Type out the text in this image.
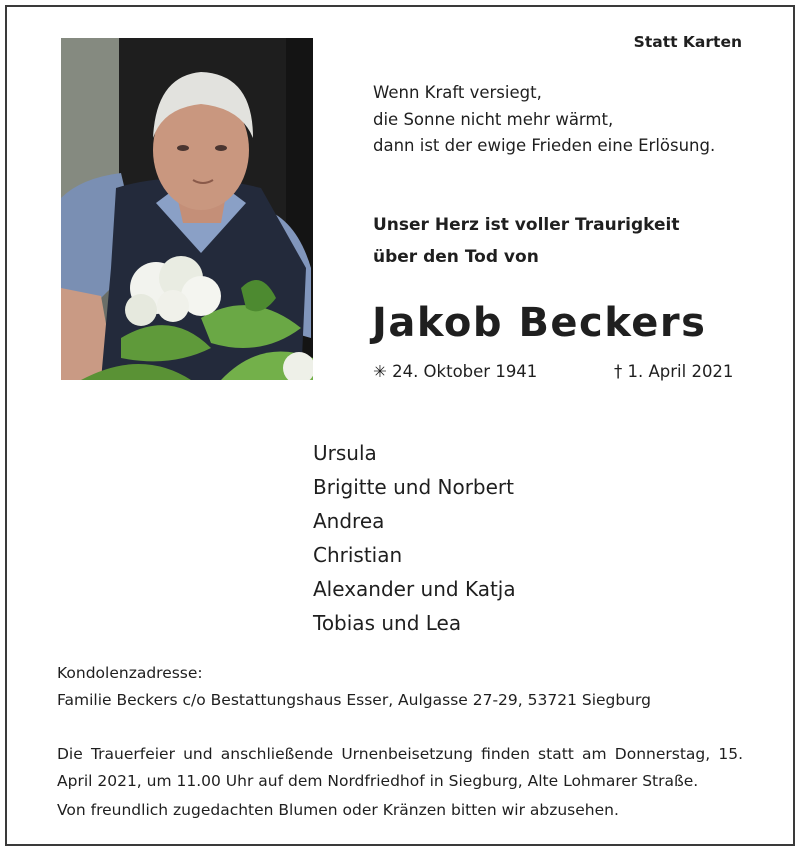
Statt Karten
Wenn Kraft versiegt,
die Sonne nicht mehr wärmt,
dann ist der ewige Frieden eine Erlösung.
Unser Herz ist voller Traurigkeit
über den Tod von
Jakob Beckers
✳ 24. Oktober 1941	† 1. April 2021
Ursula
Brigitte und Norbert
Andrea
Christian
Alexander und Katja
Tobias und Lea
Kondolenzadresse:
Familie Beckers c/o Bestattungshaus Esser, Aulgasse 27-29, 53721 Siegburg
Die Trauerfeier und anschließende Urnenbeisetzung finden statt am Donnerstag, 15. April 2021, um 11.00 Uhr auf dem Nordfriedhof in Siegburg, Alte Lohmarer Straße.
Von freundlich zugedachten Blumen oder Kränzen bitten wir abzusehen.
